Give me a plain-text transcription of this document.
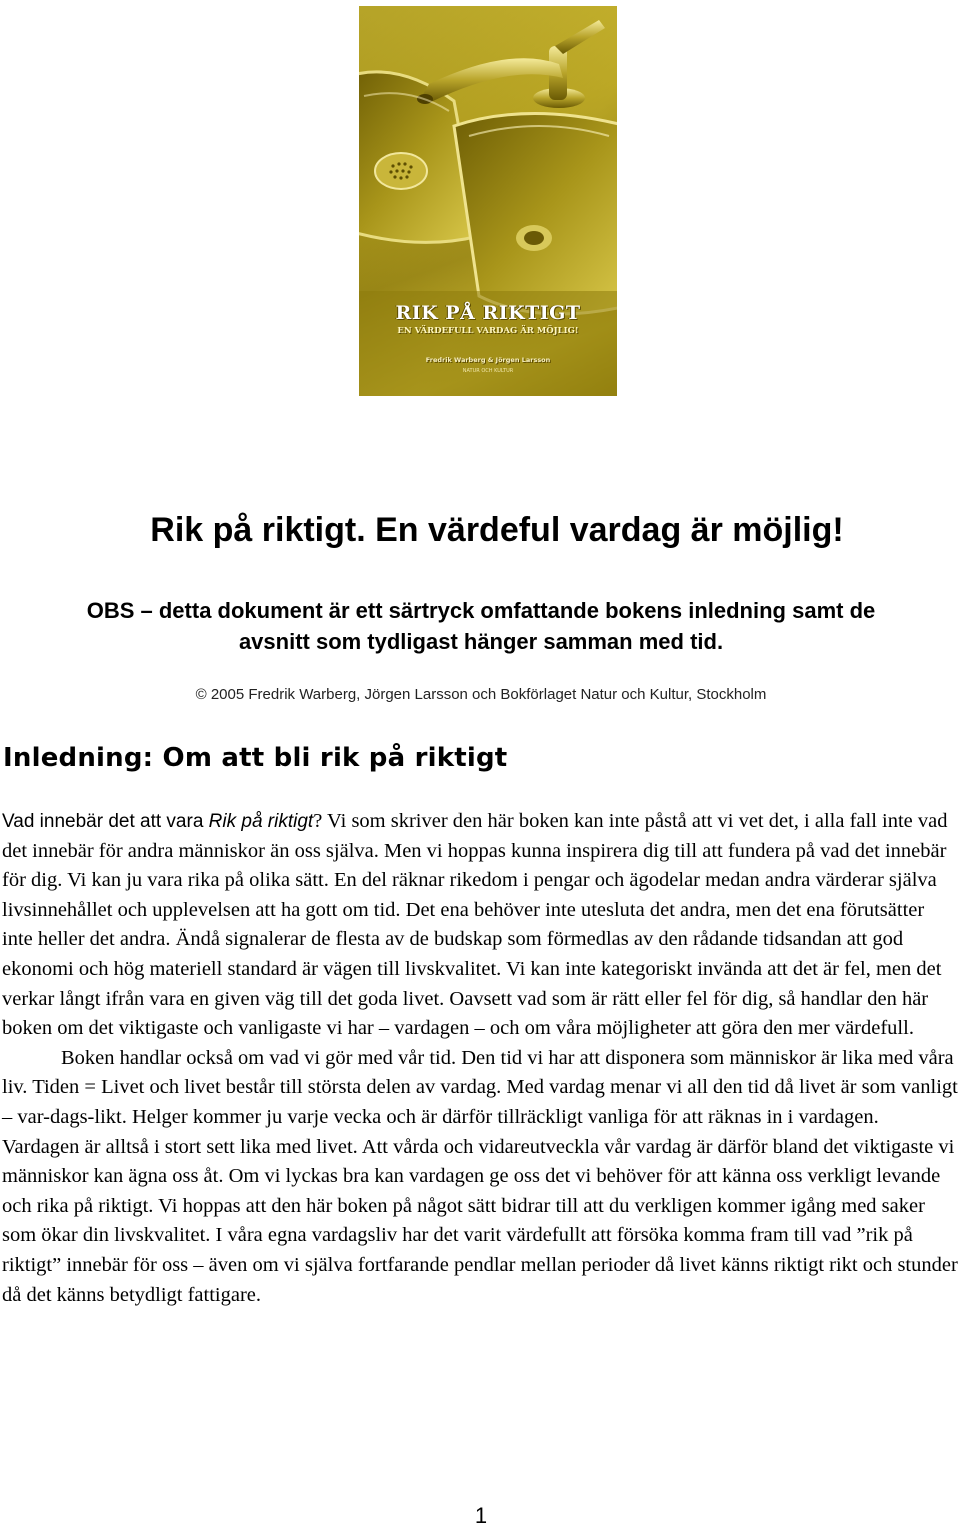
RIK PÅ RIKTIGT
EN VÄRDEFULL VARDAG ÄR MÖJLIG!
Fredrik Warberg & Jörgen Larsson
NATUR OCH KULTUR
Rik på riktigt. En värdeful vardag är möjlig!
OBS – detta dokument är ett särtryck omfattande bokens inledning samt de
avsnitt som tydligast hänger samman med tid.
© 2005 Fredrik Warberg, Jörgen Larsson och Bokförlaget Natur och Kultur, Stockholm
Inledning: Om att bli rik på riktigt

Vad innebär det att vara Rik på riktigt? Vi som skriver den här boken kan inte påstå att vi vet det, i alla fall inte vad det innebär för andra människor än oss själva. Men vi hoppas kunna inspirera dig till att fundera på vad det innebär för dig. Vi kan ju vara rika på olika sätt. En del räknar rikedom i pengar och ägodelar medan andra värderar själva livsinnehållet och upplevelsen att ha gott om tid. Det ena behöver inte utesluta det andra, men det ena förutsätter inte heller det andra. Ändå signalerar de flesta av de budskap som förmedlas av den rådande tidsandan att god ekonomi och hög materiell standard är vägen till livskvalitet. Vi kan inte kategoriskt invända att det är fel, men det verkar långt ifrån vara en given väg till det goda livet. Oavsett vad som är rätt eller fel för dig, så handlar den här boken om det viktigaste och vanligaste vi har – vardagen – och om våra möjligheter att göra den mer värdefull.

Boken handlar också om vad vi gör med vår tid. Den tid vi har att disponera som människor är lika med våra liv. Tiden = Livet och livet består till största delen av vardag. Med vardag menar vi all den tid då livet är som vanligt – var-dags-likt. Helger kommer ju varje vecka och är därför tillräckligt vanliga för att räknas in i vardagen. Vardagen är alltså i stort sett lika med livet. Att vårda och vidareutveckla vår vardag är därför bland det viktigaste vi människor kan ägna oss åt. Om vi lyckas bra kan vardagen ge oss det vi behöver för att känna oss verkligt levande och rika på riktigt. Vi hoppas att den här boken på något sätt bidrar till att du verkligen kommer igång med saker som ökar din livskvalitet. I våra egna vardagsliv har det varit värdefullt att försöka komma fram till vad ”rik på riktigt” innebär för oss – även om vi själva fortfarande pendlar mellan perioder då livet känns riktigt rikt och stunder då det känns betydligt fattigare.

1
